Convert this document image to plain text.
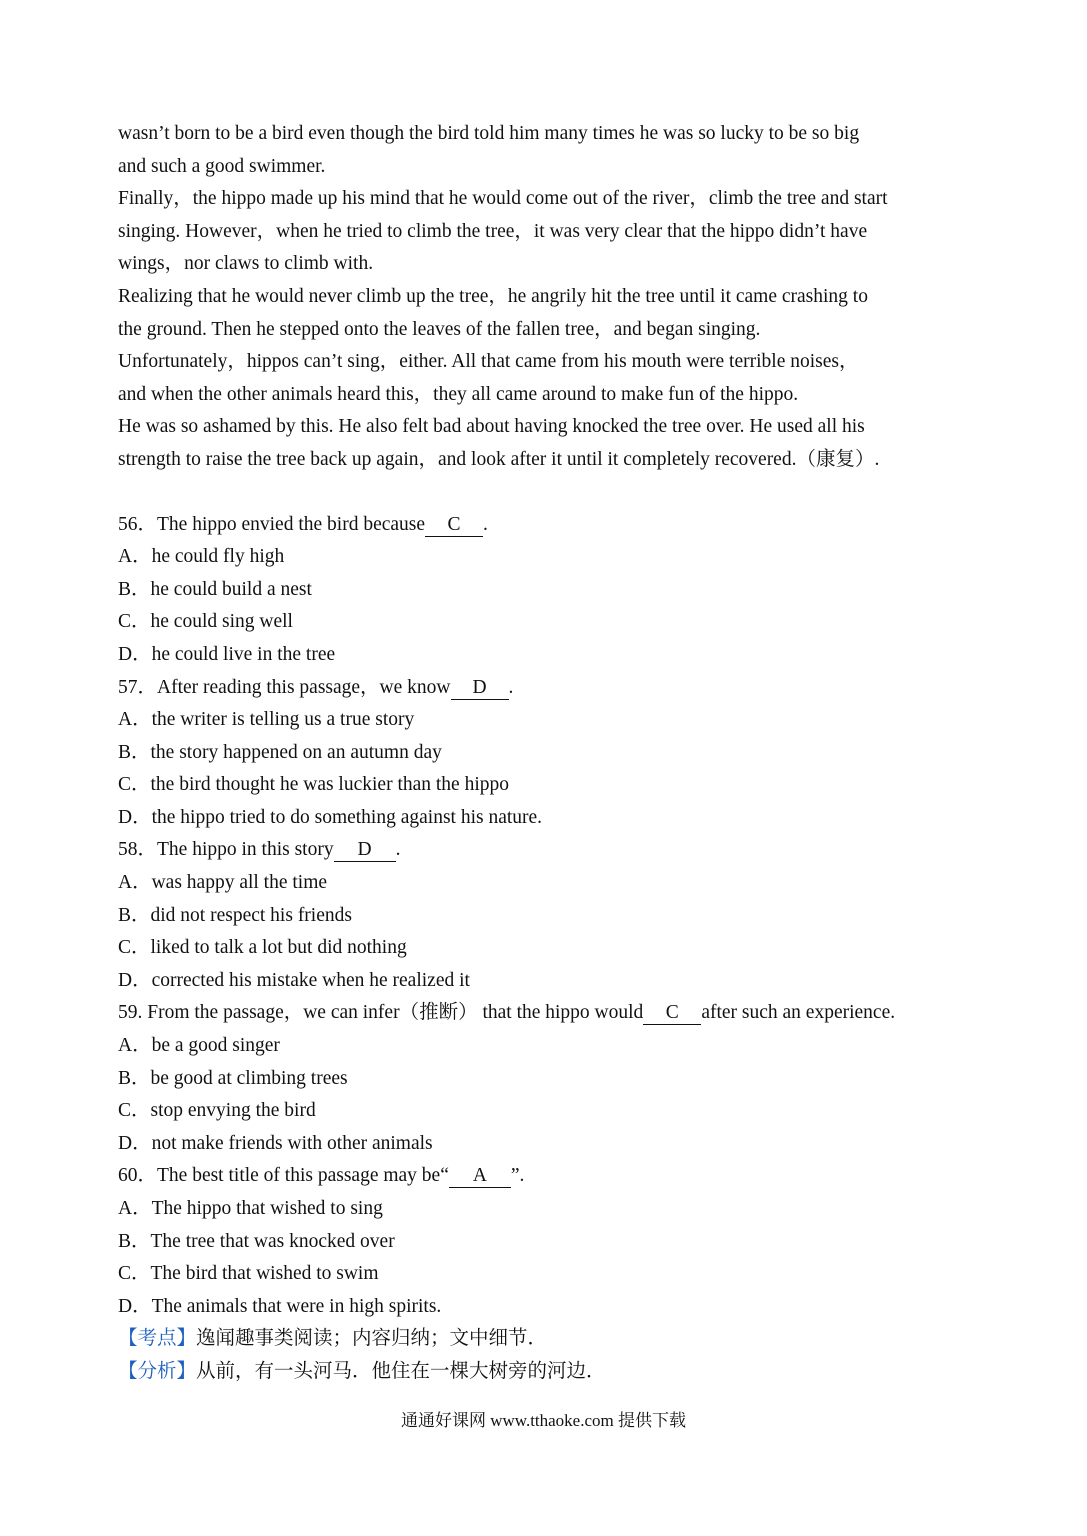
wasn’t born to be a bird even though the bird told him many times he was so lucky to be so big

and such a good swimmer.

Finally，the hippo made up his mind that he would come out of the river，climb the tree and start

singing. However，when he tried to climb the tree，it was very clear that the hippo didn’t have

wings，nor claws to climb with.

Realizing that he would never climb up the tree，he angrily hit the tree until it came crashing to

the ground. Then he stepped onto the leaves of the fallen tree，and began singing.

Unfortunately，hippos can’t sing，either. All that came from his mouth were terrible noises，

and when the other animals heard this，they all came around to make fun of the hippo.

He was so ashamed by this. He also felt bad about having knocked the tree over. He used all his

strength to raise the tree back up again，and look after it until it completely recovered.（康复）.

56．The hippo envied the bird because C .

A．he could fly high

B．he could build a nest

C．he could sing well

D．he could live in the tree

57．After reading this passage，we know D .

A．the writer is telling us a true story

B．the story happened on an autumn day

C．the bird thought he was luckier than the hippo

D．the hippo tried to do something against his nature.

58．The hippo in this story D .

A．was happy all the time

B．did not respect his friends

C．liked to talk a lot but did nothing

D．corrected his mistake when he realized it

59. From the passage，we can infer（推断） that the hippo would C after such an experience.

A．be a good singer

B．be good at climbing trees

C．stop envying the bird

D．not make friends with other animals

60．The best title of this passage may be“ A ”.

A．The hippo that wished to sing

B．The tree that was knocked over

C．The bird that wished to swim

D．The animals that were in high spirits.

【考点】逸闻趣事类阅读；内容归纳；文中细节．

【分析】从前，有一头河马．他住在一棵大树旁的河边．

通通好课网 www.tthaoke.com 提供下载
